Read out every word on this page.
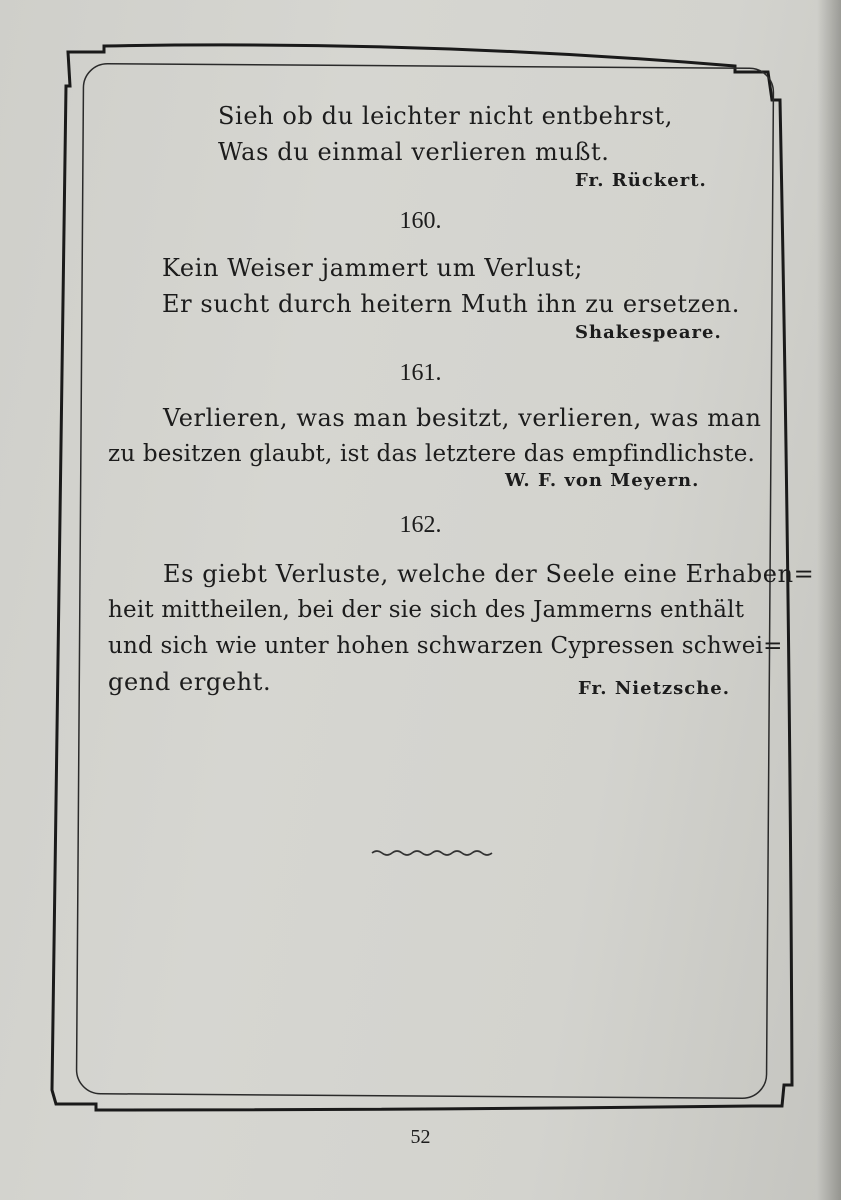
Sieh ob du leichter nicht entbehrst,
Was du einmal verlieren mußt.
Fr. Rückert.
160.
Kein Weiser jammert um Verlust;
Er sucht durch heitern Muth ihn zu ersetzen.
Shakespeare.
161.
Verlieren, was man besitzt, verlieren, was man
zu besitzen glaubt, ist das letztere das empfindlichste.
W. F. von Meyern.
162.
Es giebt Verluste, welche der Seele eine Erhaben=
heit mittheilen, bei der sie sich des Jammerns enthält
und sich wie unter hohen schwarzen Cypressen schwei=
gend ergeht.	Fr. Nietzsche.
52
